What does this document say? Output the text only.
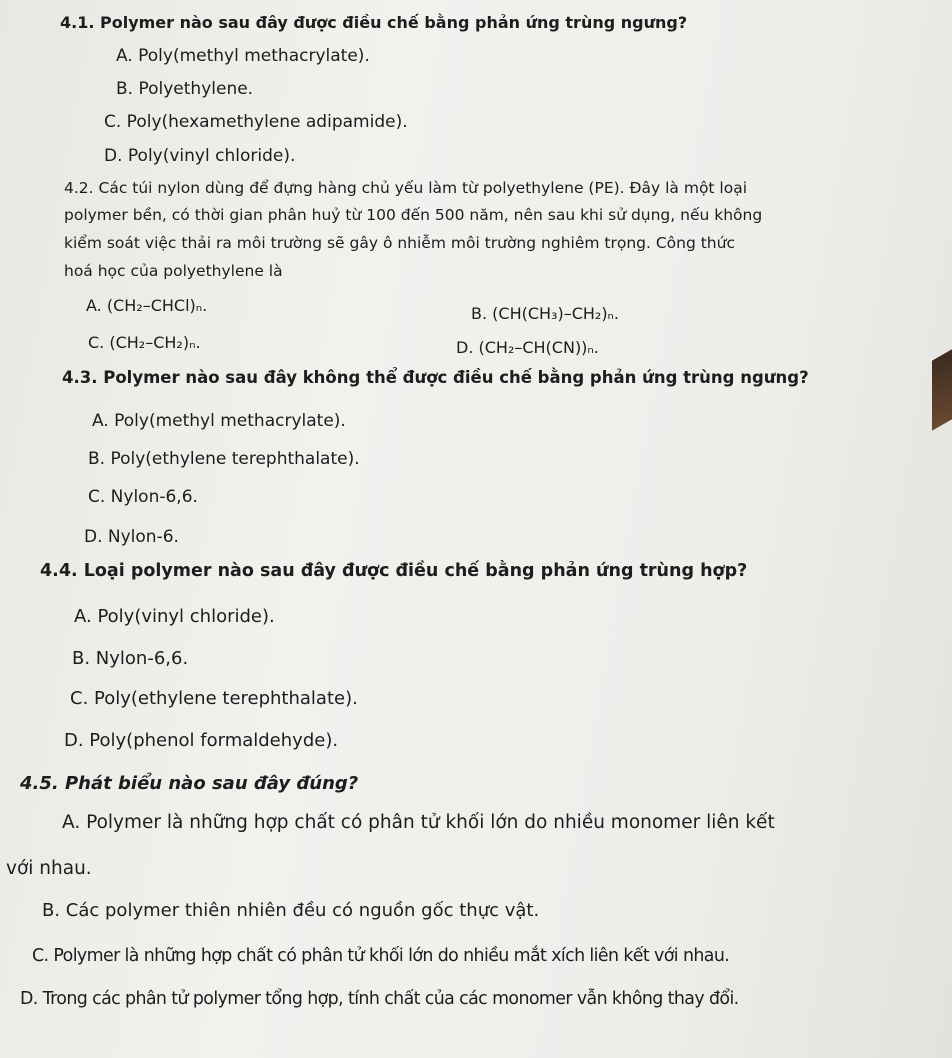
4.1. Polymer nào sau đây được điều chế bằng phản ứng trùng ngưng?
A. Poly(methyl methacrylate).
B. Polyethylene.
C. Poly(hexamethylene adipamide).
D. Poly(vinyl chloride).
4.2. Các túi nylon dùng để đựng hàng chủ yếu làm từ polyethylene (PE). Đây là một loại
polymer bền, có thời gian phân huỷ từ 100 đến 500 năm, nên sau khi sử dụng, nếu không
kiểm soát việc thải ra môi trường sẽ gây ô nhiễm môi trường nghiêm trọng. Công thức
hoá học của polyethylene là
A. (CH₂–CHCl)ₙ.	B. (CH(CH₃)–CH₂)ₙ.
C. (CH₂–CH₂)ₙ.	D. (CH₂–CH(CN))ₙ.
4.3. Polymer nào sau đây không thể được điều chế bằng phản ứng trùng ngưng?
A. Poly(methyl methacrylate).
B. Poly(ethylene terephthalate).
C. Nylon-6,6.
D. Nylon-6.
4.4. Loại polymer nào sau đây được điều chế bằng phản ứng trùng hợp?
A. Poly(vinyl chloride).
B. Nylon-6,6.
C. Poly(ethylene terephthalate).
D. Poly(phenol formaldehyde).
4.5. Phát biểu nào sau đây đúng?
A. Polymer là những hợp chất có phân tử khối lớn do nhiều monomer liên kết
với nhau.
B. Các polymer thiên nhiên đều có nguồn gốc thực vật.
C. Polymer là những hợp chất có phân tử khối lớn do nhiều mắt xích liên kết với nhau.
D. Trong các phân tử polymer tổng hợp, tính chất của các monomer vẫn không thay đổi.
